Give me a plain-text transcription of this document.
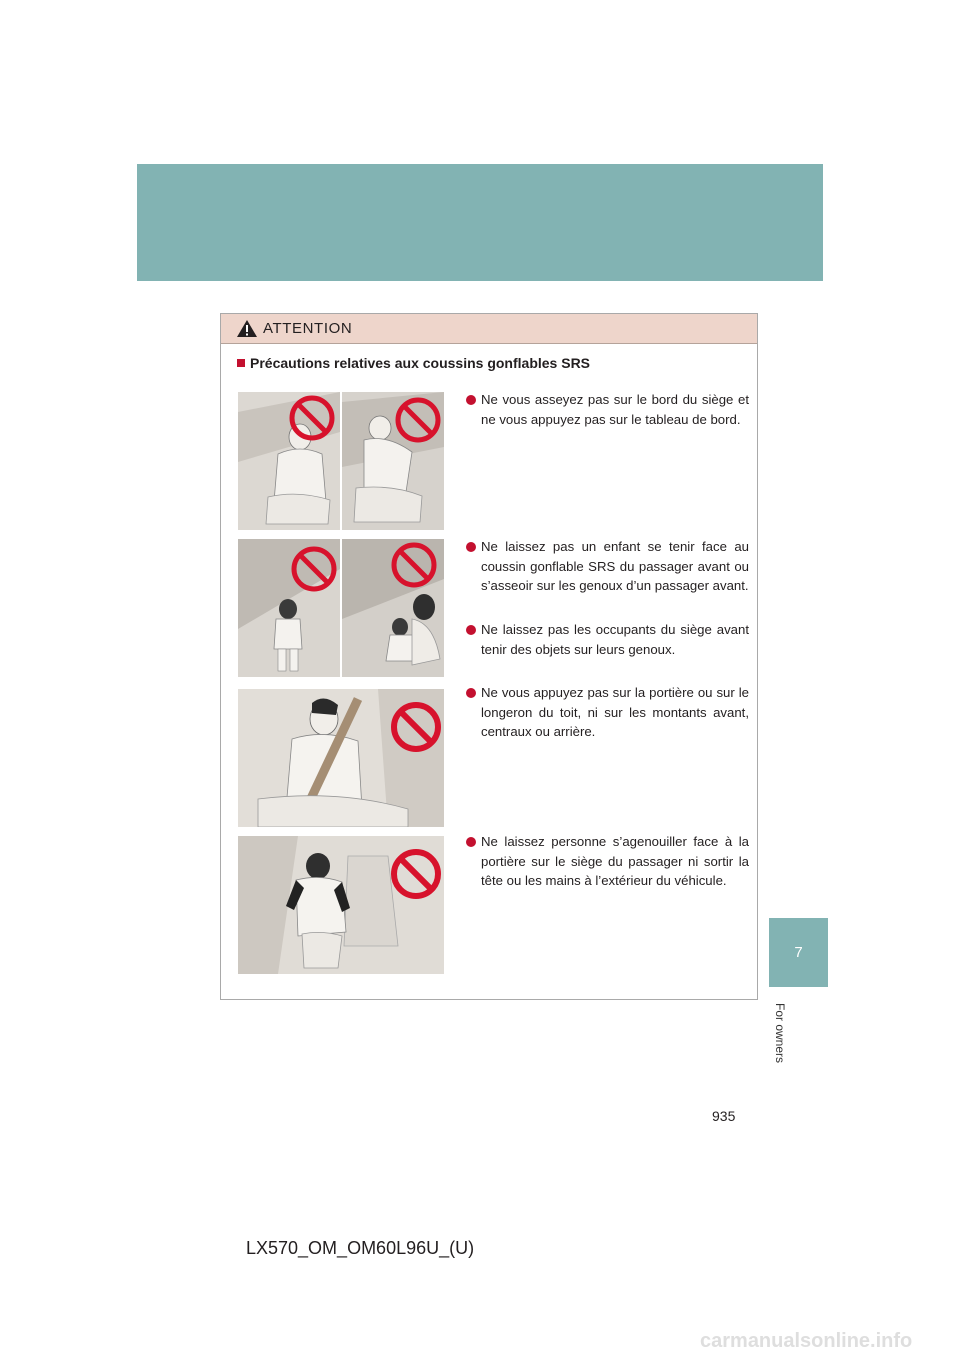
7
For owners
ATTENTION
Précautions relatives aux coussins gonflables SRS
Ne vous asseyez pas sur le bord du siège et ne vous appuyez pas sur le tableau de bord.
Ne laissez pas un enfant se tenir face au coussin gonflable SRS du passager avant ou s’asseoir sur les genoux d’un passager avant.
Ne laissez pas les occupants du siège avant tenir des objets sur leurs genoux.
Ne vous appuyez pas sur la portière ou sur le longeron du toit, ni sur les montants avant, centraux ou arrière.
Ne laissez personne s’agenouiller face à la portière sur le siège du passager ni sortir la tête ou les mains à l’extérieur du véhicule.
935
LX570_OM_OM60L96U_(U)
carmanualsonline.info
